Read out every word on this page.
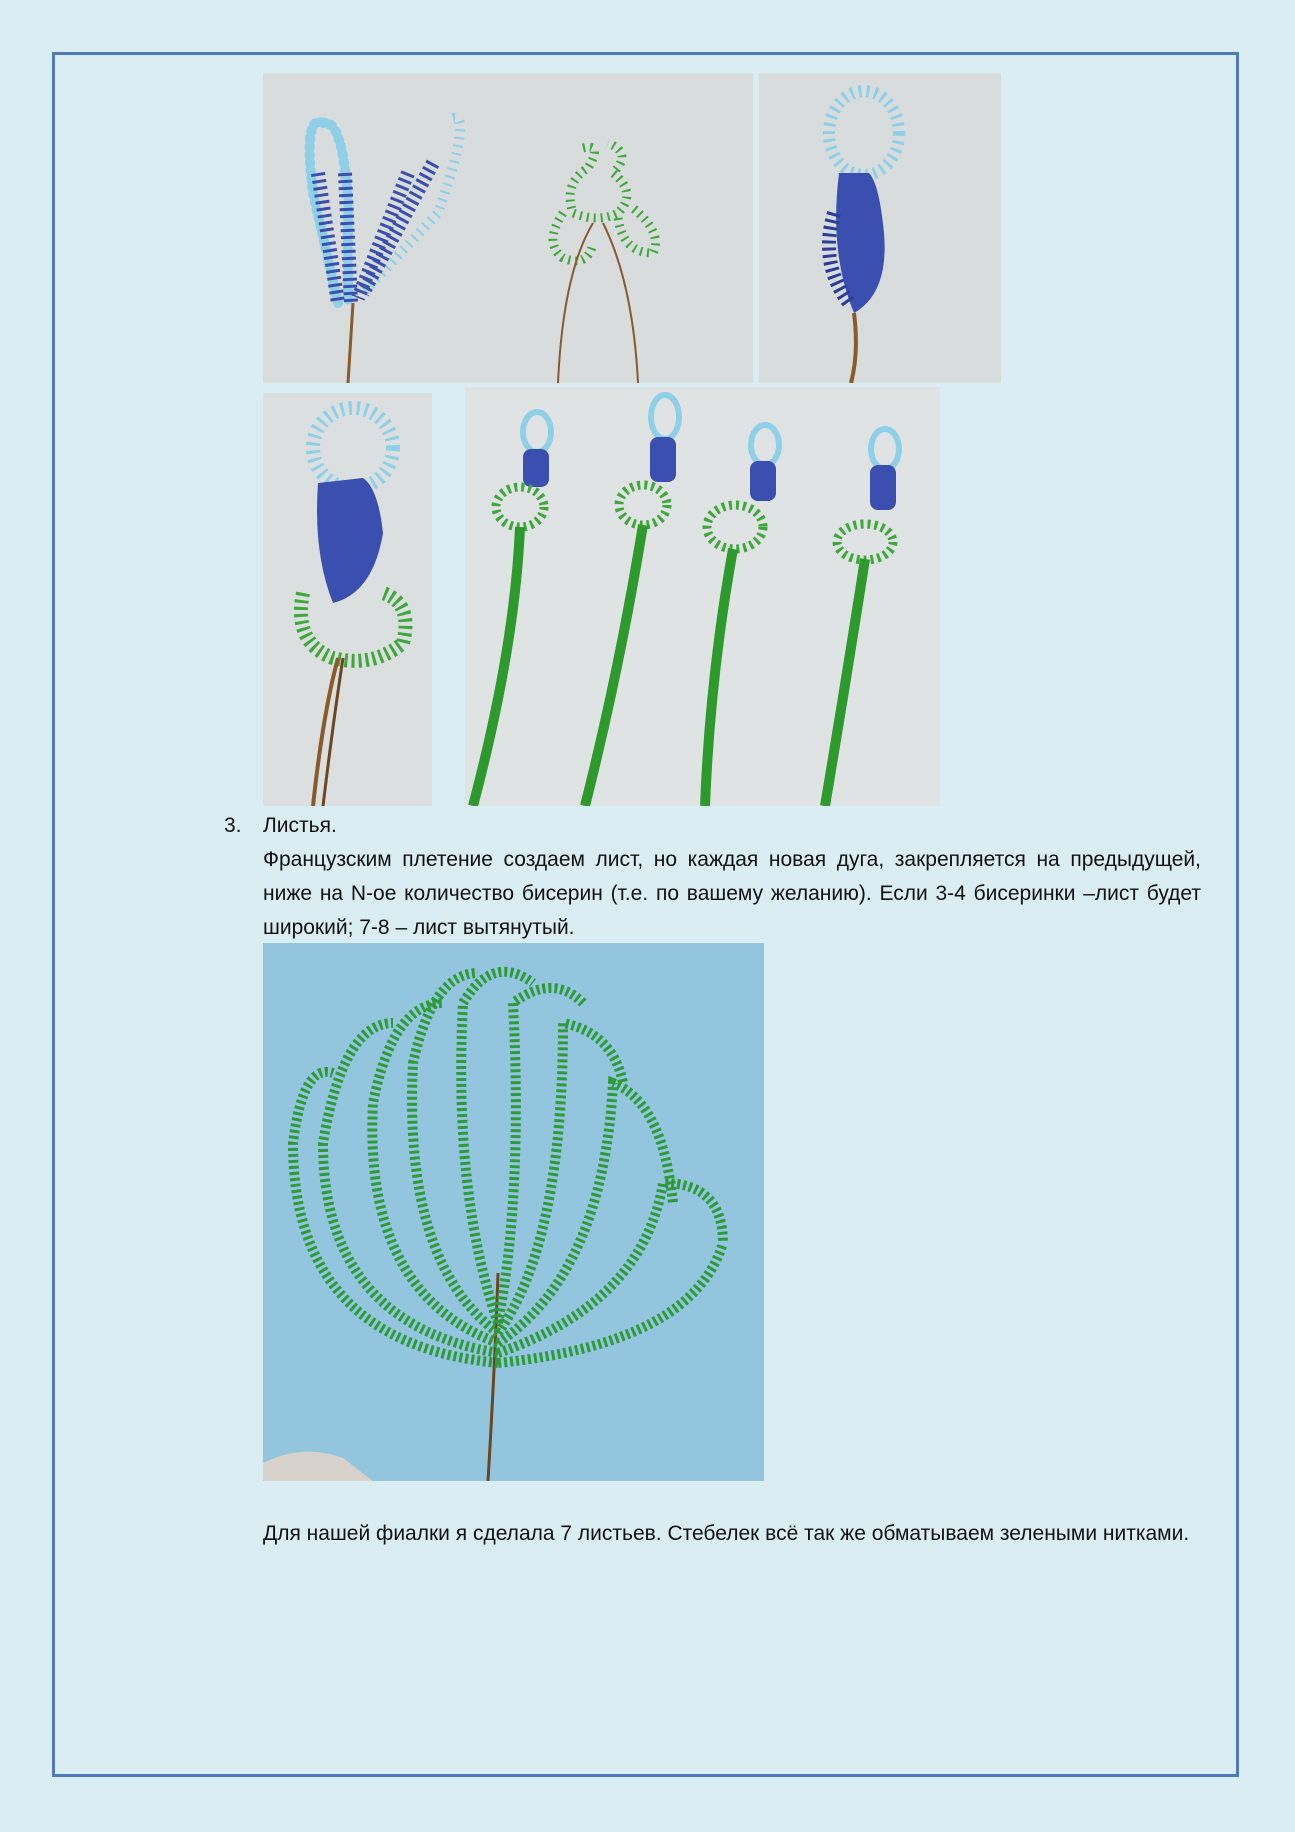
3. Листья.
Французским плетение создаем лист, но каждая новая дуга, закрепляется на предыдущей, ниже на N-ое количество бисерин (т.е. по вашему желанию). Если 3-4 бисеринки –лист будет широкий; 7-8 – лист вытянутый.
Для нашей фиалки я сделала 7 листьев. Стебелек всё так же обматываем зелеными нитками.
